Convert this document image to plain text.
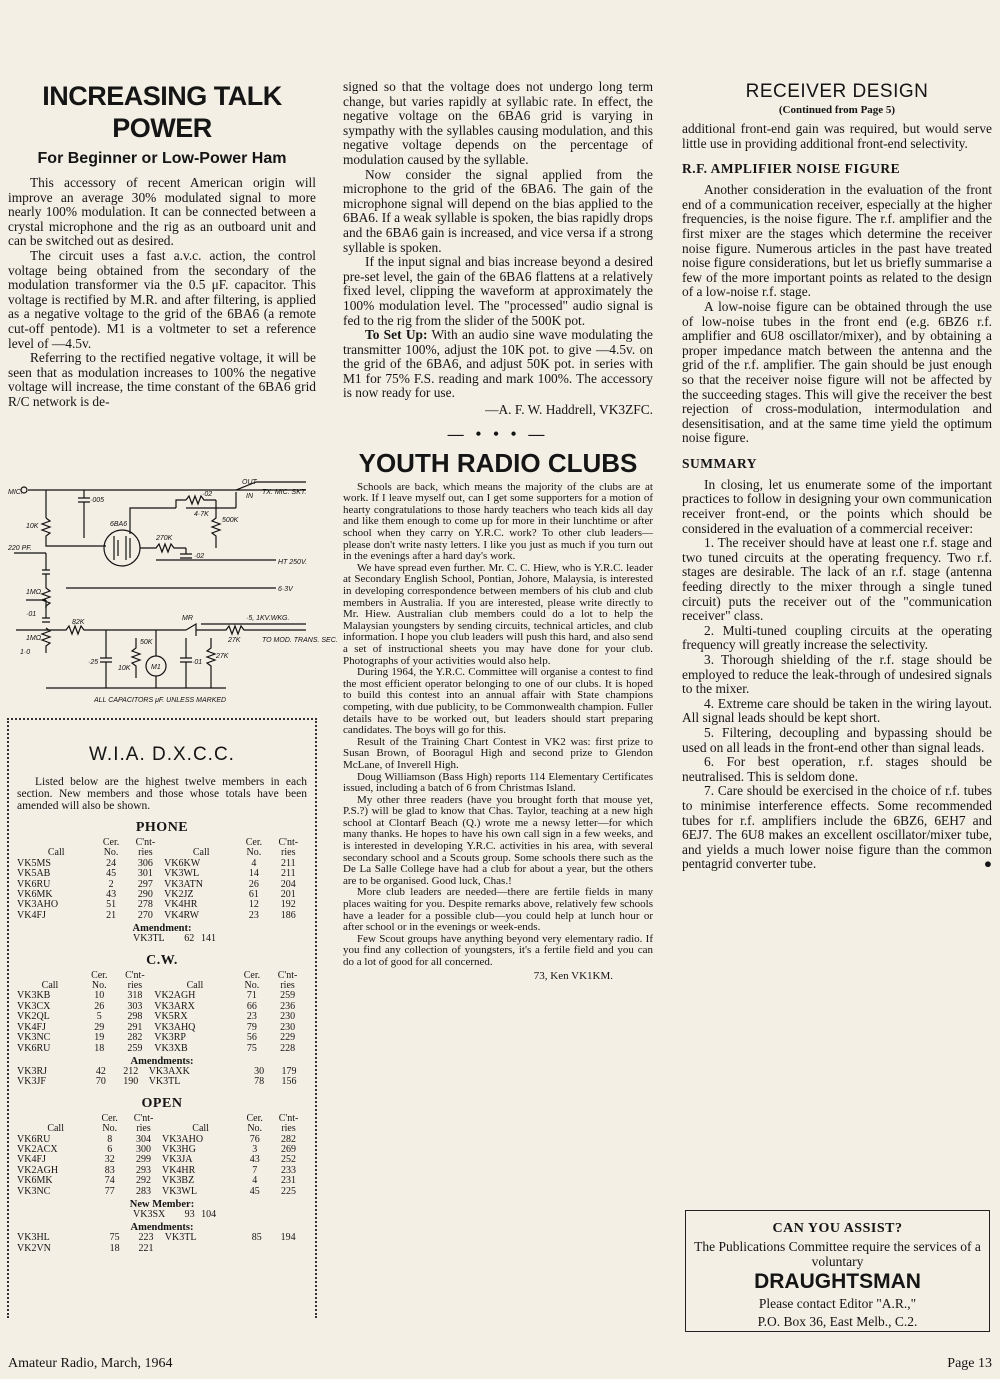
INCREASING TALK POWER
For Beginner or Low-Power Ham

This accessory of recent American origin will improve an average 30% modulated signal to more nearly 100% modulation. It can be connected between a crystal microphone and the rig as an outboard unit and can be switched out as desired.

The circuit uses a fast a.v.c. action, the control voltage being obtained from the secondary of the modulation transformer via the 0.5 μF. capacitor. This voltage is rectified by M.R. and after filtering, is applied as a negative voltage to the grid of the 6BA6 (a remote cut-off pentode). M1 is a voltmeter to set a reference level of —4.5v.

Referring to the rectified negative voltage, it will be seen that as modulation increases to 100% the negative voltage will increase, the time constant of the 6BA6 grid R/C network is de-

MIC.
OUT
IN
TX. MIC. SKT.
·005
·02
4·7K
500K
10K	6BA6
270K
220 PF.
·02
HT 250V.
1MΩ	6·3V
·01
1MΩ
82K
MR	·5, 1KV.WKG.
1·0
50K	27K	TO MOD. TRANS. SEC.
·25
10K	M1
·01
27K
ALL CAPACITORS μF. UNLESS MARKED
W.I.A. D.X.C.C.

Listed below are the highest twelve members in each section. New members and those whose totals have been amended will also be shown.

PHONE
	Cer.	C'nt-		Cer.	C'nt-
Call	No.	ries	Call	No.	ries
VK5MS	24	306	VK6KW	4	211
VK5AB	45	301	VK3WL	14	211
VK6RU	2	297	VK3ATN	26	204
VK6MK	43	290	VK2JZ	61	201
VK3AHO	51	278	VK4HR	12	192
VK4FJ	21	270	VK4RW	23	186
Amendment:
	VK3TL	62	141	
C.W.
	Cer.	C'nt-		Cer.	C'nt-
Call	No.	ries	Call	No.	ries
VK3KB	10	318	VK2AGH	71	259
VK3CX	26	303	VK3ARX	66	236
VK2QL	5	298	VK5RX	23	230
VK4FJ	29	291	VK3AHQ	79	230
VK3NC	19	282	VK3RP	56	229
VK6RU	18	259	VK3XB	75	228
Amendments:
VK3RJ	42	212	VK3AXK	30	179
VK3JF	70	190	VK3TL	78	156
OPEN
	Cer.	C'nt-		Cer.	C'nt-
Call	No.	ries	Call	No.	ries
VK6RU	8	304	VK3AHO	76	282
VK2ACX	6	300	VK3HG	3	269
VK4FJ	32	299	VK3JA	43	252
VK2AGH	83	293	VK4HR	7	233
VK6MK	74	292	VK3BZ	4	231
VK3NC	77	283	VK3WL	45	225
New Member:
	VK3SX	93	104	
Amendments:
VK3HL	75	223	VK3TL	85	194
VK2VN	18	221			

signed so that the voltage does not undergo long term change, but varies rapidly at syllabic rate. In effect, the negative voltage on the 6BA6 grid is varying in sympathy with the syllables causing modulation, and this negative voltage depends on the percentage of modulation caused by the syllable.

Now consider the signal applied from the microphone to the grid of the 6BA6. The gain of the microphone signal will depend on the bias applied to the 6BA6. If a weak syllable is spoken, the bias rapidly drops and the 6BA6 gain is increased, and vice versa if a strong syllable is spoken.

If the input signal and bias increase beyond a desired pre-set level, the gain of the 6BA6 flattens at a relatively fixed level, clipping the waveform at approximately the 100% modulation level. The "processed" audio signal is fed to the rig from the slider of the 500K pot.

To Set Up: With an audio sine wave modulating the transmitter 100%, adjust the 10K pot. to give —4.5v. on the grid of the 6BA6, and adjust 50K pot. in series with M1 for 75% F.S. reading and mark 100%. The accessory is now ready for use.

—A. F. W. Haddrell, VK3ZFC.

— • • • —
YOUTH RADIO CLUBS

Schools are back, which means the majority of the clubs are at work. If I leave myself out, can I get some supporters for a motion of hearty congratulations to those hardy teachers who teach kids all day and like them enough to come up for more in their lunchtime or after school when they carry on Y.R.C. work? To other club leaders—please don't write nasty letters. I like you just as much if you turn out in the evenings after a hard day's work.

We have spread even further. Mr. C. C. Hiew, who is Y.R.C. leader at Secondary English School, Pontian, Johore, Malaysia, is interested in developing correspondence between members of his club and club members in Australia. If you are interested, please write directly to Mr. Hiew. Australian club members could do a lot to help the Malaysian youngsters by sending circuits, technical articles, and club information. I hope you club leaders will push this hard, and also send a set of instructional sheets you may have done for your club. Photographs of your activities would also help.

During 1964, the Y.R.C. Committee will organise a contest to find the most efficient operator belonging to one of our clubs. It is hoped to build this contest into an annual affair with State champions competing, with due publicity, to be Commonwealth champion. Fuller details have to be worked out, but leaders should start preparing candidates. The boys will go for this.

Result of the Training Chart Contest in VK2 was: first prize to Susan Brown, of Booragul High and second prize to Glendon McLane, of Inverell High.

Doug Williamson (Bass High) reports 114 Elementary Certificates issued, including a batch of 6 from Christmas Island.

My other three readers (have you brought forth that mouse yet, P.S.?) will be glad to know that Chas. Taylor, teaching at a new high school at Clontarf Beach (Q.) wrote me a newsy letter—for which many thanks. He hopes to have his own call sign in a few weeks, and is interested in developing Y.R.C. activities in his area, with several secondary school and a Scouts group. Some schools there such as the De La Salle College have had a club for about a year, but the others are to be organised. Good luck, Chas.!

More club leaders are needed—there are fertile fields in many places waiting for you. Despite remarks above, relatively few schools have a leader for a possible club—you could help at lunch hour or after school or in the evenings or week-ends.

Few Scout groups have anything beyond very elementary radio. If you find any collection of youngsters, it's a fertile field and you can do a lot of good for all concerned.

73, Ken VK1KM.

RECEIVER DESIGN
(Continued from Page 5)

additional front-end gain was required, but would serve little use in providing additional front-end selectivity.

R.F. AMPLIFIER NOISE FIGURE

Another consideration in the evaluation of the front end of a communication receiver, especially at the higher frequencies, is the noise figure. The r.f. amplifier and the first mixer are the stages which determine the receiver noise figure. Numerous articles in the past have treated noise figure considerations, but let us briefly summarise a few of the more important points as related to the design of a low-noise r.f. stage.

A low-noise figure can be obtained through the use of low-noise tubes in the front end (e.g. 6BZ6 r.f. amplifier and 6U8 oscillator/mixer), and by obtaining a proper impedance match between the antenna and the grid of the r.f. amplifier. The gain should be just enough so that the receiver noise figure will not be affected by the succeeding stages. This will give the receiver the best rejection of cross-modulation, intermodulation and desensitisation, and at the same time yield the optimum noise figure.

SUMMARY

In closing, let us enumerate some of the important practices to follow in designing your own communication receiver front-end, or the points which should be considered in the evaluation of a commercial receiver:

1. The receiver should have at least one r.f. stage and two tuned circuits at the operating frequency. Two r.f. stages are desirable. The lack of an r.f. stage (antenna feeding directly to the mixer through a single tuned circuit) puts the receiver out of the "communication receiver" class.

2. Multi-tuned coupling circuits at the operating frequency will greatly increase the selectivity.

3. Thorough shielding of the r.f. stage should be employed to reduce the leak-through of undesired signals to the mixer.

4. Extreme care should be taken in the wiring layout. All signal leads should be kept short.

5. Filtering, decoupling and bypassing should be used on all leads in the front-end other than signal leads.

6. For best operation, r.f. stages should be neutralised. This is seldom done.

7. Care should be exercised in the choice of r.f. tubes to minimise interference effects. Some recommended tubes for r.f. amplifiers include the 6BZ6, 6EH7 and 6EJ7. The 6U8 makes an excellent oscillator/mixer tube, and yields a much lower noise figure than the common pentagrid converter tube.	●

CAN YOU ASSIST?
The Publications Committee require the services of a voluntary
DRAUGHTSMAN
Please contact Editor "A.R.,"
P.O. Box 36, East Melb., C.2.
Amateur Radio, March, 1964	Page 13
